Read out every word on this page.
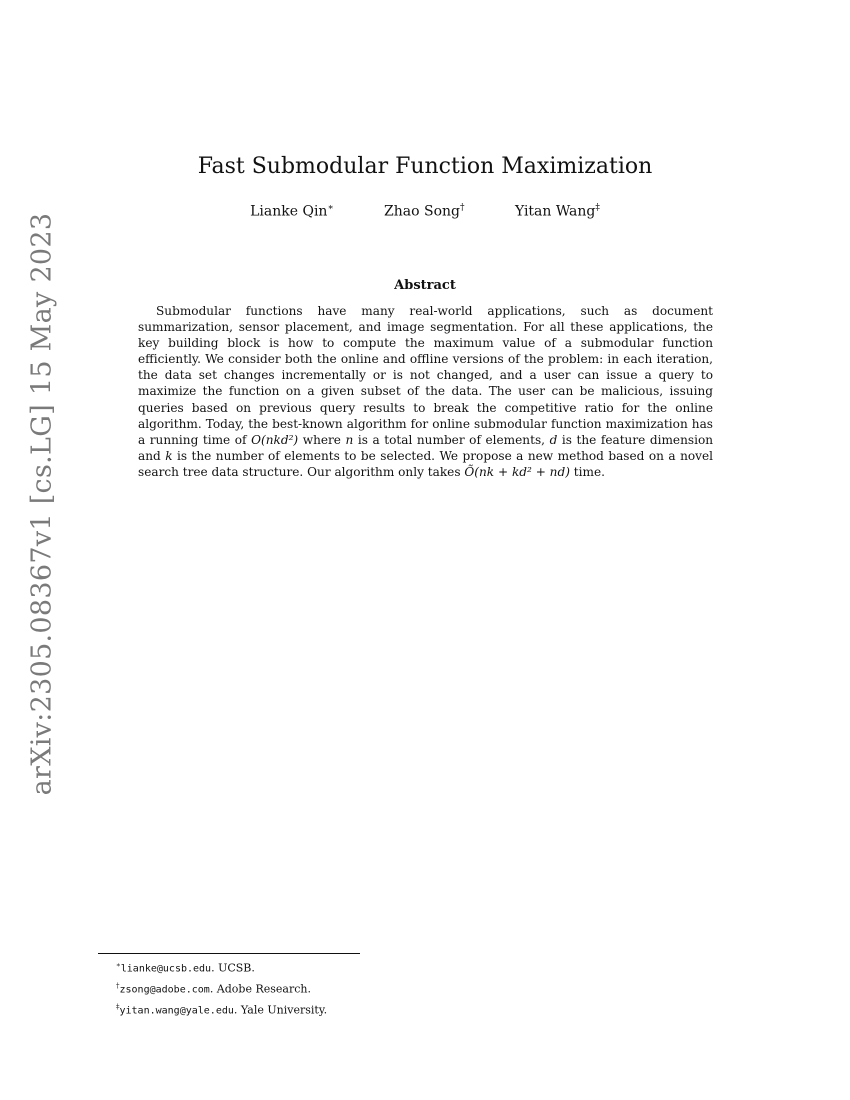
arXiv:2305.08367v1 [cs.LG] 15 May 2023
Fast Submodular Function Maximization
Lianke Qin∗	Zhao Song†	Yitan Wang‡
Abstract

Submodular functions have many real-world applications, such as document summarization, sensor placement, and image segmentation. For all these applications, the key building block is how to compute the maximum value of a submodular function efficiently. We consider both the online and offline versions of the problem: in each iteration, the data set changes incrementally or is not changed, and a user can issue a query to maximize the function on a given subset of the data. The user can be malicious, issuing queries based on previous query results to break the competitive ratio for the online algorithm. Today, the best-known algorithm for online submodular function maximization has a running time of O(nkd²) where n is a total number of elements, d is the feature dimension and k is the number of elements to be selected. We propose a new method based on a novel search tree data structure. Our algorithm only takes Õ(nk + kd² + nd) time.

∗lianke@ucsb.edu. UCSB.
†zsong@adobe.com. Adobe Research.
‡yitan.wang@yale.edu. Yale University.
